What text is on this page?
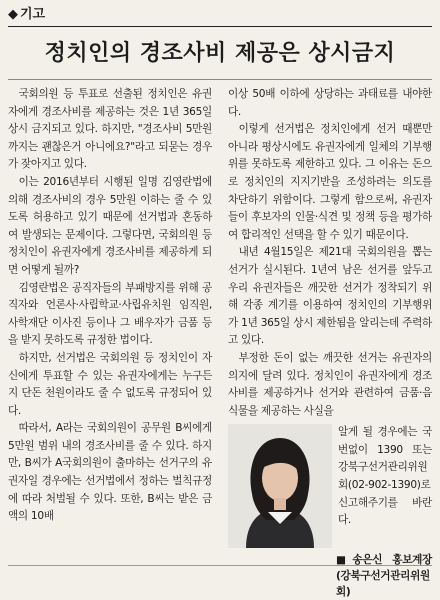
◆ 기고
정치인의 경조사비 제공은 상시금지

국회의원 등 투표로 선출된 정치인은 유권자에게 경조사비를 제공하는 것은 1년 365일 상시 금지되고 있다. 하지만, "경조사비 5만원까지는 괜찮은거 아니에요?"라고 되묻는 경우가 잦아지고 있다.

이는 2016년부터 시행된 일명 김영란법에 의해 경조사비의 경우 5만원 이하는 줄 수 있도록 허용하고 있기 때문에 선거법과 혼동하여 발생되는 문제이다. 그렇다면, 국회의원 등 정치인이 유권자에게 경조사비를 제공하게 되면 어떻게 될까?

김영란법은 공직자들의 부패방지를 위해 공직자와 언론사·사립학교·사립유치원 임직원, 사학재단 이사진 등이나 그 배우자가 금품 등을 받지 못하도록 규정한 법이다.

하지만, 선거법은 국회의원 등 정치인이 자신에게 투표할 수 있는 유권자에게는 누구든지 단돈 천원이라도 줄 수 없도록 규정되어 있다.

따라서, A라는 국회의원이 공무원 B씨에게 5만원 범위 내의 경조사비를 줄 수 있다. 하지만, B씨가 A국회의원이 출마하는 선거구의 유권자일 경우에는 선거법에서 정하는 벌칙규정에 따라 처벌될 수 있다. 또한, B씨는 받은 금액의 10배

이상 50배 이하에 상당하는 과태료를 내야한다.

이렇게 선거법은 정치인에게 선거 때뿐만 아니라 평상시에도 유권자에게 일체의 기부행위를 못하도록 제한하고 있다. 그 이유는 돈으로 정치인의 지지기반을 조성하려는 의도를 차단하기 위함이다. 그렇게 함으로써, 유권자들이 후보자의 인물·식견 및 정책 등을 평가하여 합리적인 선택을 할 수 있기 때문이다.

내년 4월15일은 제21대 국회의원을 뽑는 선거가 실시된다. 1년여 남은 선거를 앞두고 우리 유권자들은 깨끗한 선거가 정착되기 위해 각종 계기를 이용하여 정치인의 기부행위가 1년 365일 상시 제한됨을 알리는데 주력하고 있다.

부정한 돈이 없는 깨끗한 선거는 유권자의 의지에 달려 있다. 정치인이 유권자에게 경조사비를 제공하거나 선거와 관련하여 금품·음식물을 제공하는 사실을

알게 될 경우에는 국번없이 1390 또는 강북구선거관리위원회(02-902-1390)로 신고해주기를 바란다.
■송은신 홍보계장(강북구선거관리위원회)
